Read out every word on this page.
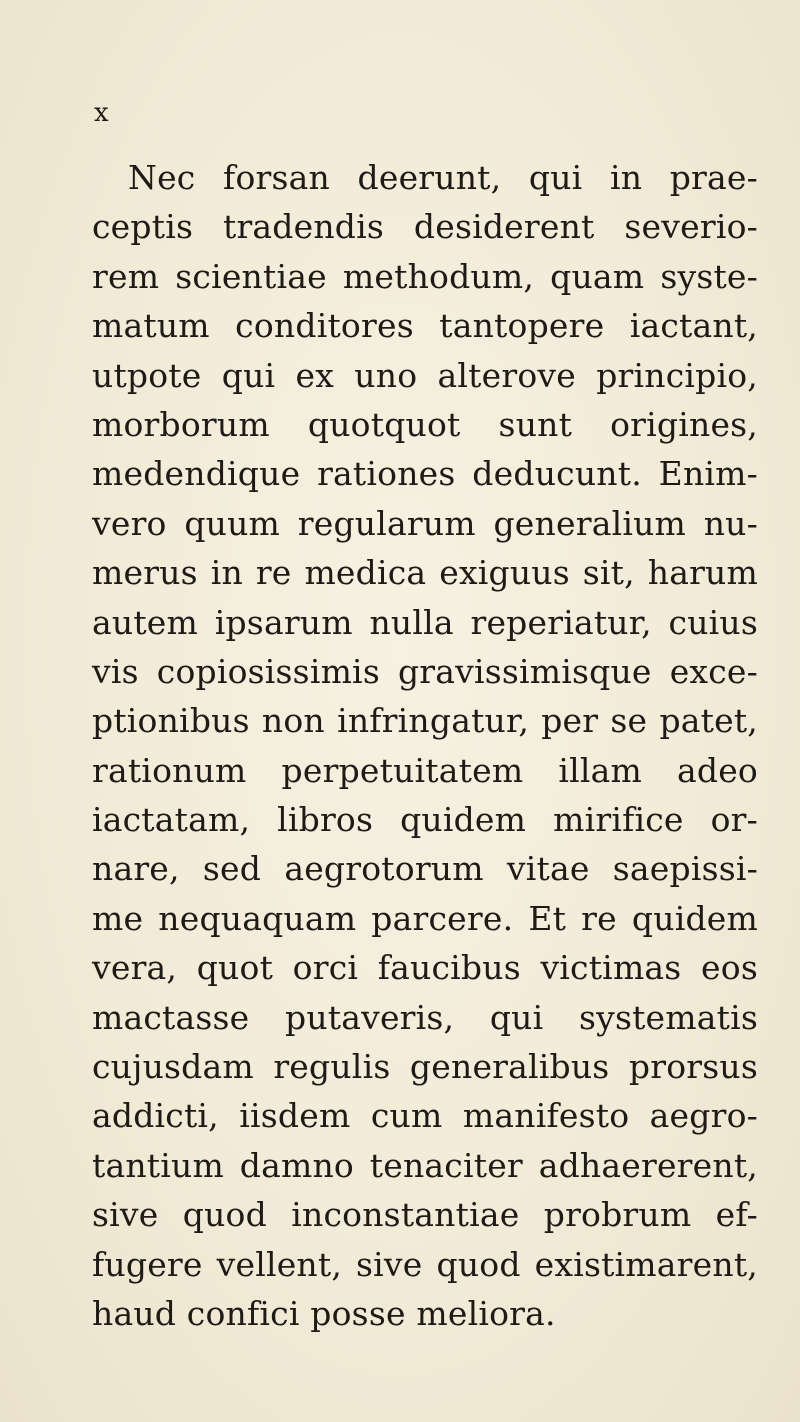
x
Nec forsan deerunt, qui in prae-
ceptis tradendis desiderent severio-
rem scientiae methodum, quam syste-
matum conditores tantopere iactant,
utpote qui ex uno alterove principio,
morborum quotquot sunt origines,
medendique rationes deducunt. Enim-
vero quum regularum generalium nu-
merus in re medica exiguus sit, harum
autem ipsarum nulla reperiatur, cuius
vis copiosissimis gravissimisque exce-
ptionibus non infringatur, per se patet,
rationum perpetuitatem illam adeo
iactatam, libros quidem mirifice or-
nare, sed aegrotorum vitae saepissi-
me nequaquam parcere. Et re quidem
vera, quot orci faucibus victimas eos
mactasse putaveris, qui systematis
cujusdam regulis generalibus prorsus
addicti, iisdem cum manifesto aegro-
tantium damno tenaciter adhaererent,
sive quod inconstantiae probrum ef-
fugere vellent, sive quod existimarent,
haud confici posse meliora.
